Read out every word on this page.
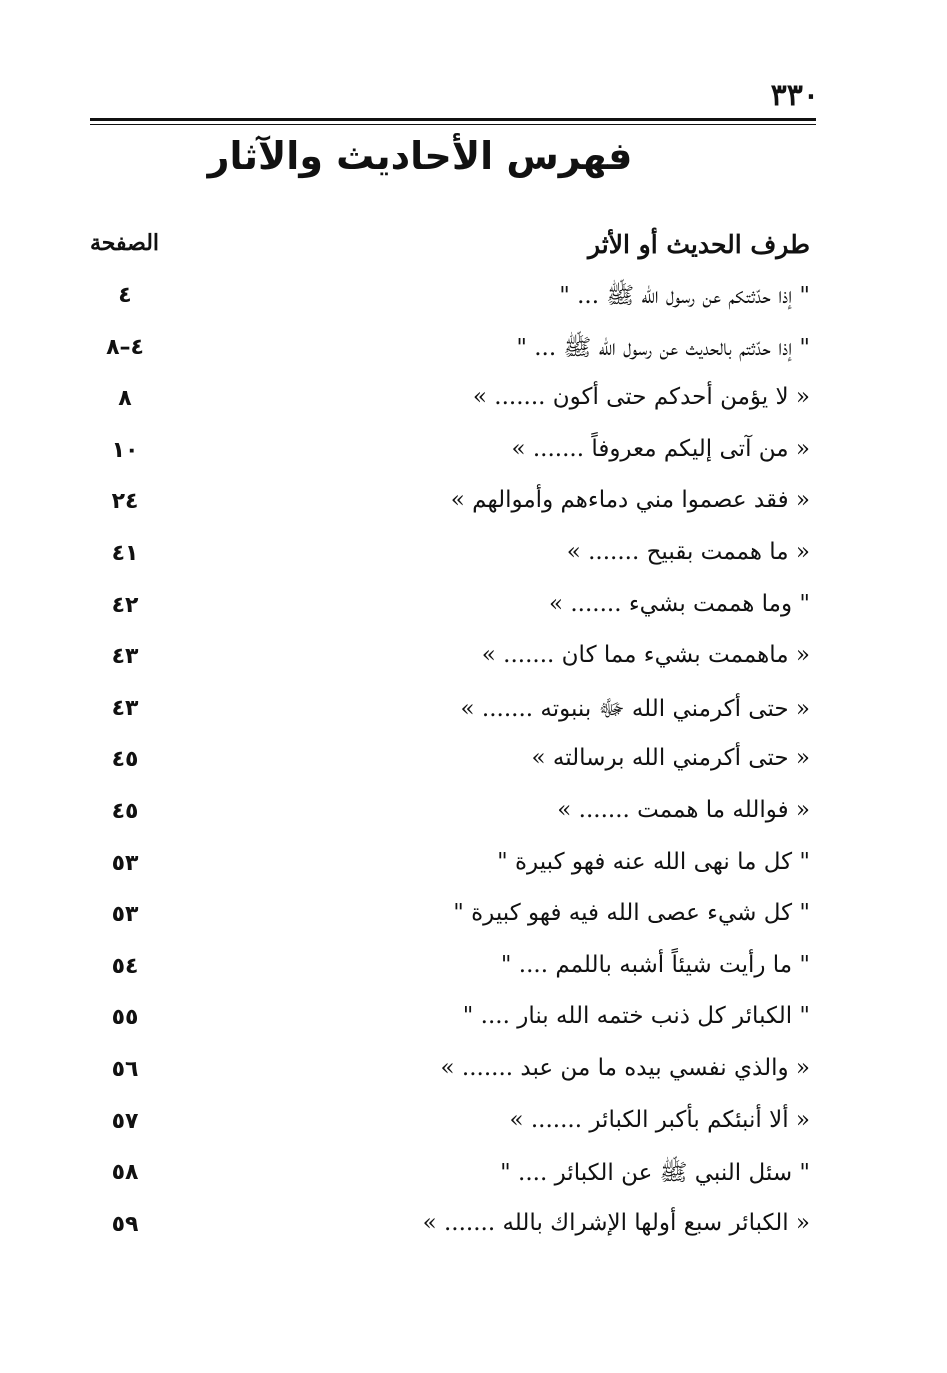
٣٣٠
فهرس الأحاديث والآثار
طرف الحديث أو الأثر
الصفحة
" إذا حدّثتكم عن رسول الله ﷺ ... "
٤
" إذا حدّثتم بالحديث عن رسول الله ﷺ ... "
٤–٨
« لا يؤمن أحدكم حتى أكون ....... »
٨
« من آتى إليكم معروفاً ....... »
١٠
« فقد عصموا مني دماءهم وأموالهم »
٢٤
« ما هممت بقبيح ....... »
٤١
" وما هممت بشيء ....... »
٤٢
« ماهممت بشيء مما كان ....... »
٤٣
« حتى أكرمني الله ﷻ بنبوته ....... »
٤٣
« حتى أكرمني الله برسالته »
٤٥
« فوالله ما هممت ....... »
٤٥
" كل ما نهى الله عنه فهو كبيرة "
٥٣
" كل شيء عصى الله فيه فهو كبيرة "
٥٣
" ما رأيت شيئاً أشبه باللمم .... "
٥٤
" الكبائر كل ذنب ختمه الله بنار .... "
٥٥
« والذي نفسي بيده ما من عبد ....... »
٥٦
« ألا أنبئكم بأكبر الكبائر ....... »
٥٧
" سئل النبي ﷺ عن الكبائر .... "
٥٨
« الكبائر سبع أولها الإشراك بالله ....... »
٥٩
